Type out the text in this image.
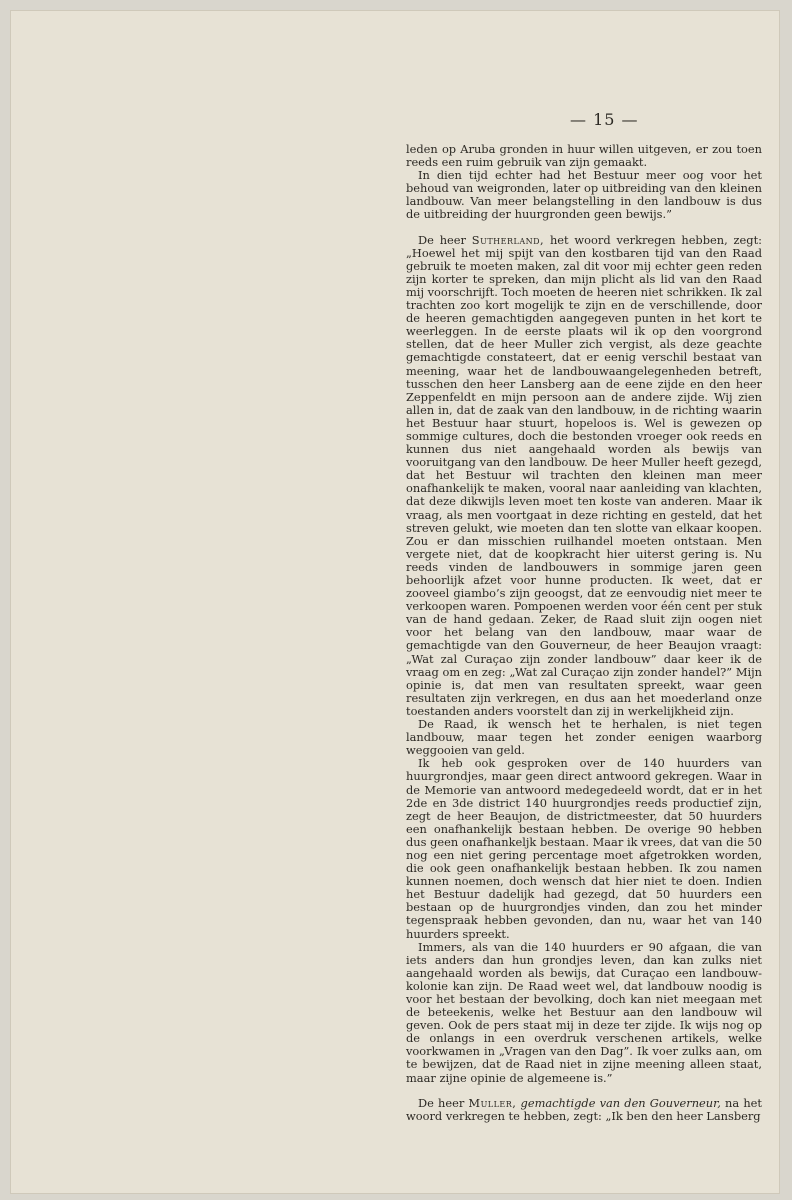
— 15 —

leden op Aruba gronden in huur willen uitgeven, er zou toen reeds een ruim gebruik van zijn gemaakt.

In dien tijd echter had het Bestuur meer oog voor het behoud van weigronden, later op uitbreiding van den kleinen landbouw. Van meer belangstelling in den landbouw is dus de uitbreiding der huurgronden geen bewijs.”

De heer Sutherland, het woord verkregen hebben, zegt: „Hoewel het mij spijt van den kostbaren tijd van den Raad gebruik te moeten maken, zal dit voor mij echter geen reden zijn korter te spreken, dan mijn plicht als lid van den Raad mij voorschrijft. Toch moeten de heeren niet schrikken. Ik zal trachten zoo kort mogelijk te zijn en de verschillende, door de heeren gemachtigden aangegeven punten in het kort te weerleggen. In de eerste plaats wil ik op den voorgrond stellen, dat de heer Muller zich vergist, als deze geachte gemachtigde constateert, dat er eenig verschil bestaat van meening, waar het de landbouwaangelegenheden betreft, tusschen den heer Lansberg aan de eene zijde en den heer Zeppenfeldt en mijn persoon aan de andere zijde. Wij zien allen in, dat de zaak van den landbouw, in de richting waarin het Bestuur haar stuurt, hopeloos is. Wel is gewezen op sommige cultures, doch die bestonden vroeger ook reeds en kunnen dus niet aangehaald worden als bewijs van vooruitgang van den landbouw. De heer Muller heeft gezegd, dat het Bestuur wil trachten den kleinen man meer onafhankelijk te maken, vooral naar aanleiding van klachten, dat deze dikwijls leven moet ten koste van anderen. Maar ik vraag, als men voortgaat in deze richting en gesteld, dat het streven gelukt, wie moeten dan ten slotte van elkaar koopen. Zou er dan misschien ruilhandel moeten ontstaan. Men vergete niet, dat de koopkracht hier uiterst gering is. Nu reeds vinden de landbouwers in sommige jaren geen behoorlijk afzet voor hunne producten. Ik weet, dat er zooveel giambo’s zijn geoogst, dat ze eenvoudig niet meer te verkoopen waren. Pompoenen werden voor één cent per stuk van de hand gedaan. Zeker, de Raad sluit zijn oogen niet voor het belang van den landbouw, maar waar de gemachtigde van den Gouverneur, de heer Beaujon vraagt: „Wat zal Curaçao zijn zonder landbouw” daar keer ik de vraag om en zeg: „Wat zal Curaçao zijn zonder handel?” Mijn opinie is, dat men van resultaten spreekt, waar geen resultaten zijn verkregen, en dus aan het moederland onze toestanden anders voorstelt dan zij in werkelijkheid zijn.

De Raad, ik wensch het te herhalen, is niet tegen landbouw, maar tegen het zonder eenigen waarborg weggooien van geld.

Ik heb ook gesproken over de 140 huurders van huurgrondjes, maar geen direct antwoord gekregen. Waar in de Memorie van antwoord medegedeeld wordt, dat er in het 2de en 3de district 140 huurgrondjes reeds productief zijn, zegt de heer Beaujon, de districtmeester, dat 50 huurders een onafhankelijk bestaan hebben. De overige 90 hebben dus geen onafhankeljk bestaan. Maar ik vrees, dat van die 50 nog een niet gering percentage moet afgetrokken worden, die ook geen onafhankelijk bestaan hebben. Ik zou namen kunnen noemen, doch wensch dat hier niet te doen. Indien het Bestuur dadelijk had gezegd, dat 50 huurders een bestaan op de huurgrondjes vinden, dan zou het minder tegenspraak hebben gevonden, dan nu, waar het van 140 huurders spreekt.

Immers, als van die 140 huurders er 90 afgaan, die van iets anders dan hun grondjes leven, dan kan zulks niet aangehaald worden als bewijs, dat Curaçao een landbouw-kolonie kan zijn. De Raad weet wel, dat landbouw noodig is voor het bestaan der bevolking, doch kan niet meegaan met de beteekenis, welke het Bestuur aan den landbouw wil geven. Ook de pers staat mij in deze ter zijde. Ik wijs nog op de onlangs in een overdruk verschenen artikels, welke voorkwamen in „Vragen van den Dag”. Ik voer zulks aan, om te bewijzen, dat de Raad niet in zijne meening alleen staat, maar zijne opinie de algemeene is.”

De heer Muller, gemachtigde van den Gouverneur, na het woord verkregen te hebben, zegt: „Ik ben den heer Lansberg
